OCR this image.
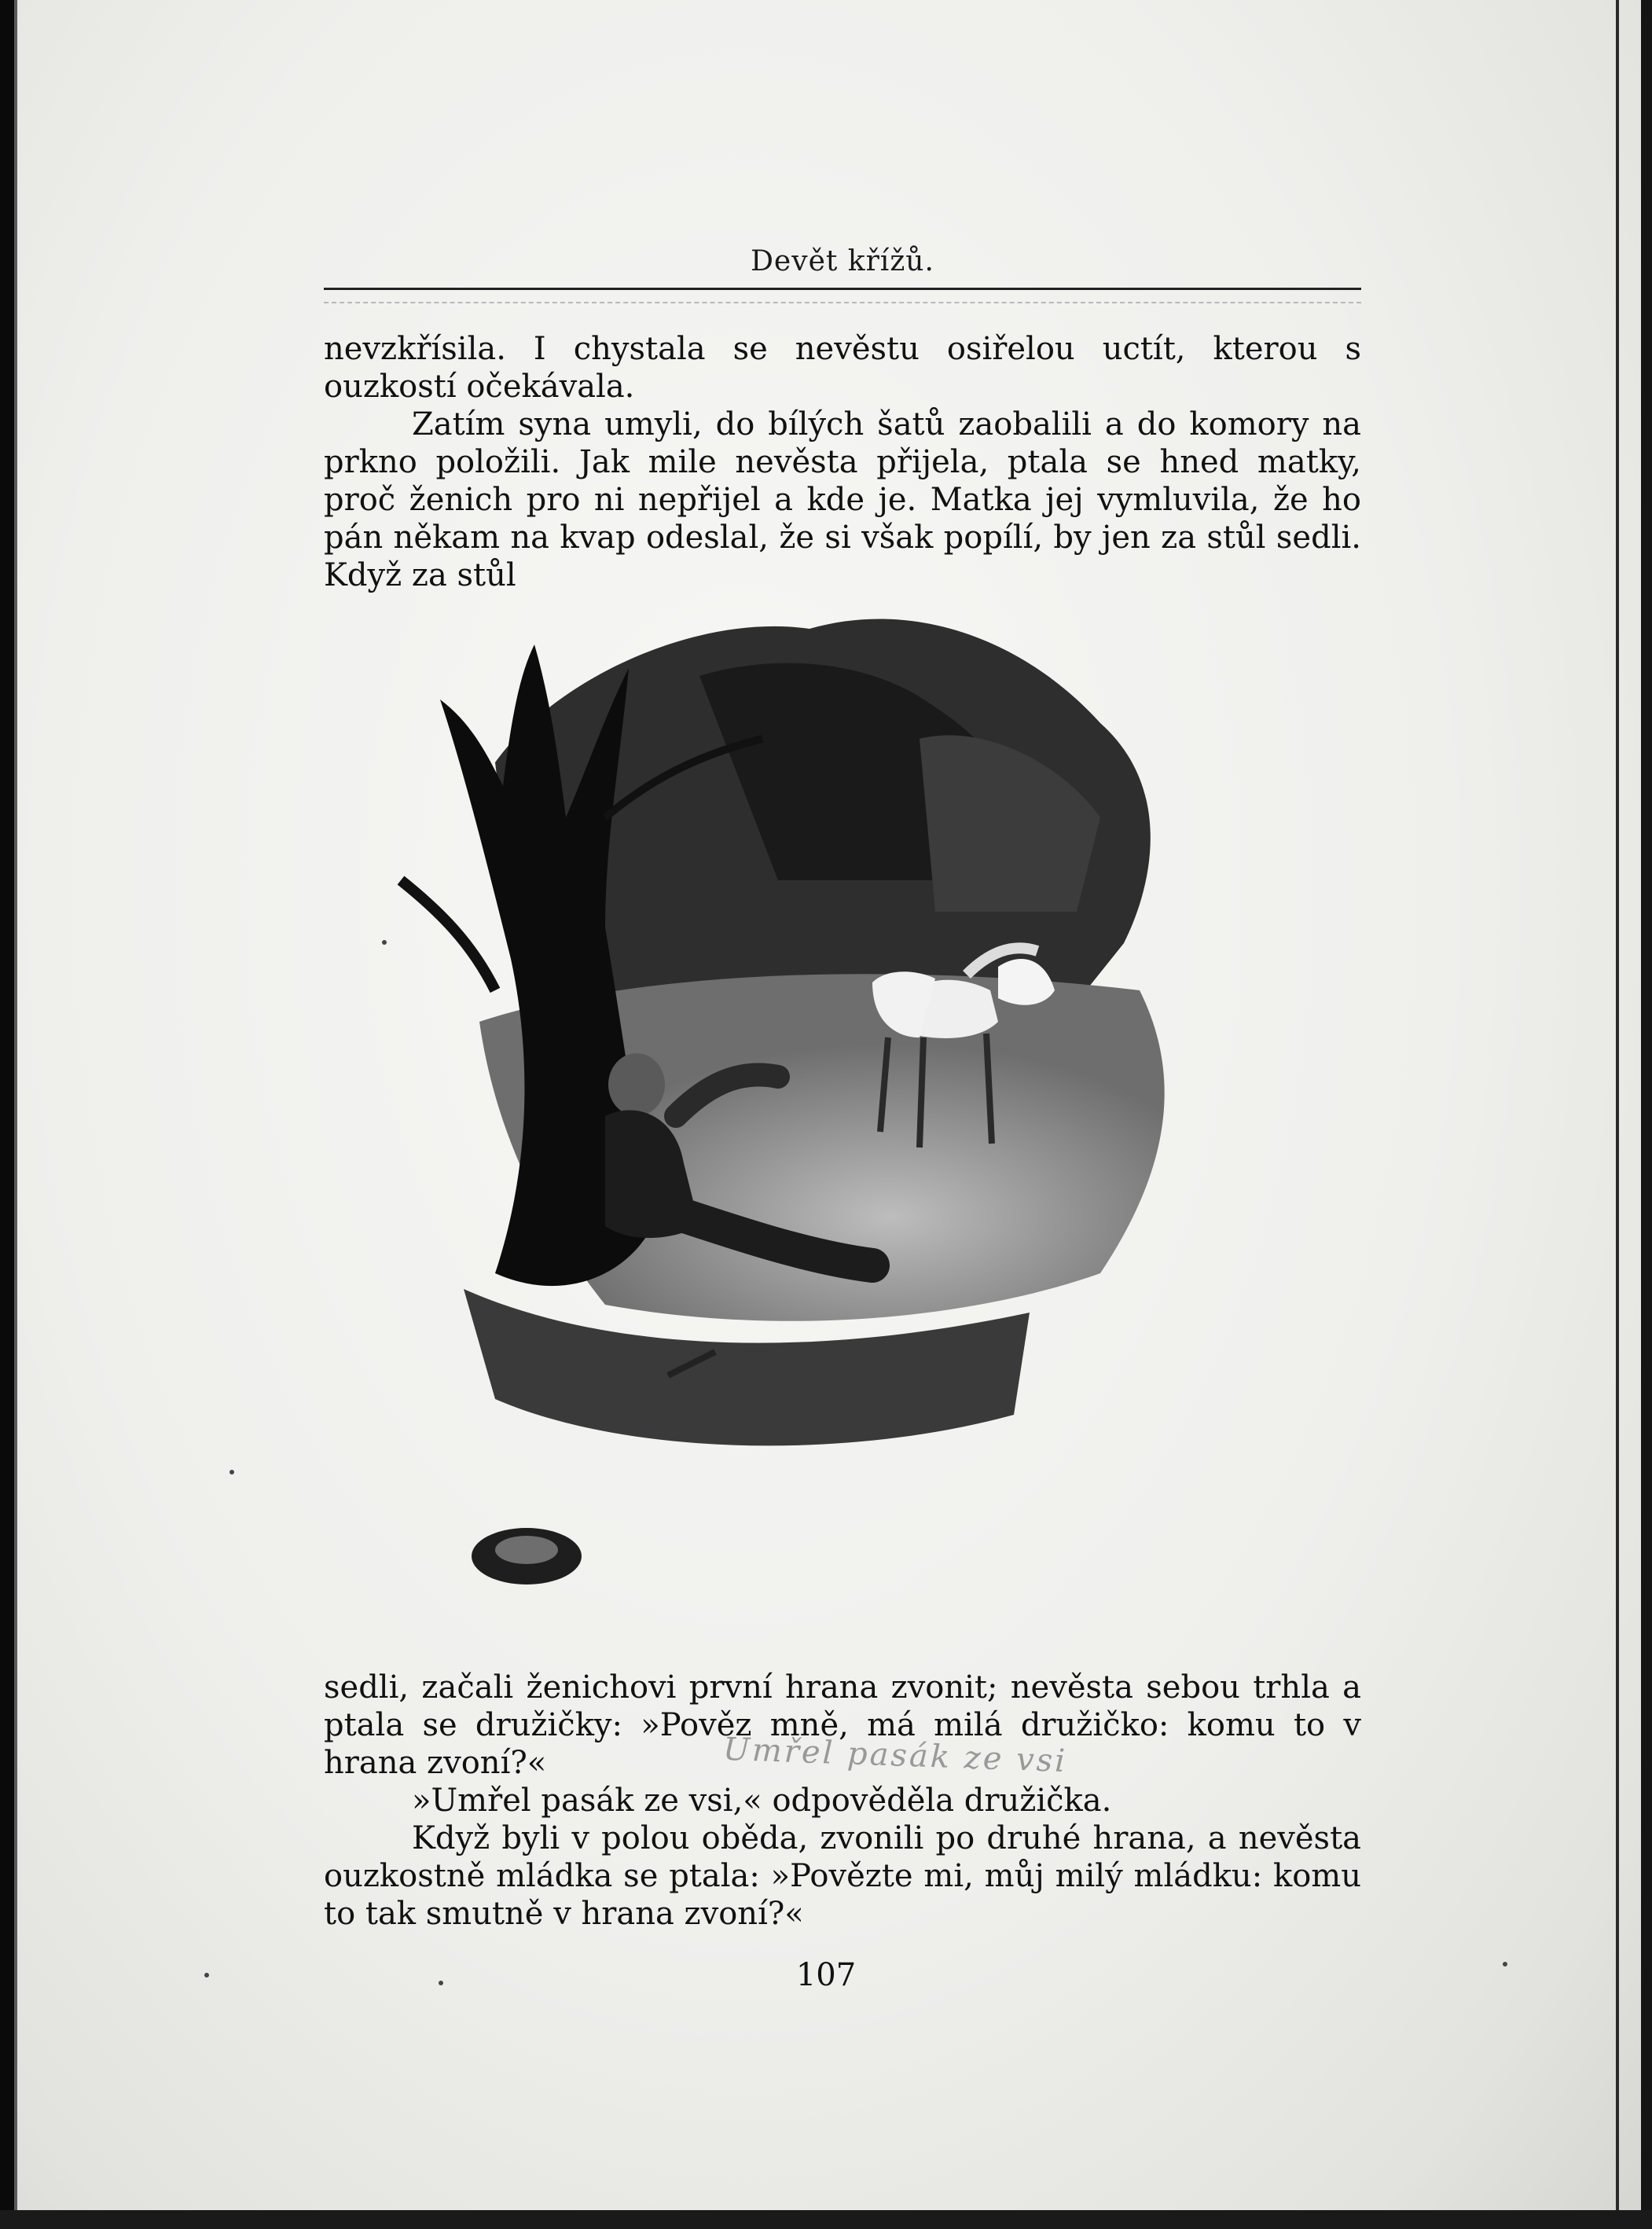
Devět křížů.

nevzkřísila. I chystala se nevěstu osiřelou uctít, kterou s ouzkostí očekávala.

Zatím syna umyli, do bílých šatů zaobalili a do komory na prkno položili. Jak mile nevěsta přijela, ptala se hned matky, proč ženich pro ni nepřijel a kde je. Matka jej vymluvila, že ho pán někam na kvap odeslal, že si však popílí, by jen za stůl sedli. Když za stůl

sedli, začali ženichovi první hrana zvonit; nevěsta sebou trhla a ptala se družičky: »Pověz mně, má milá družičko: komu to v hrana zvoní?«

»Umřel pasák ze vsi,« odpověděla družička.

Když byli v polou oběda, zvonili po druhé hrana, a nevěsta ouzkostně mládka se ptala: »Povězte mi, můj milý mládku: komu to tak smutně v hrana zvoní?«

Umřel pasák ze vsi
107
